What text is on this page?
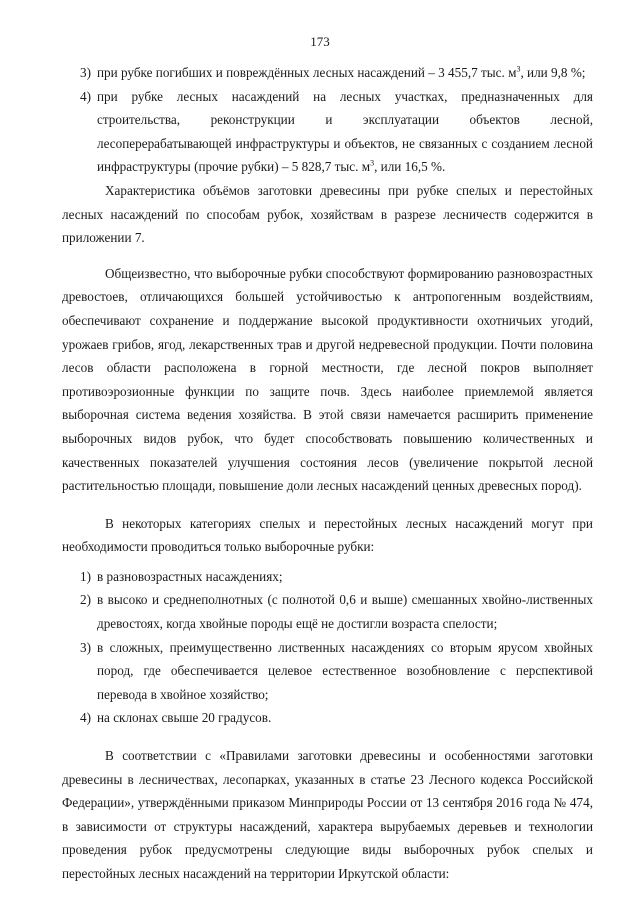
173
3) при рубке погибших и повреждённых лесных насаждений – 3 455,7 тыс. $м^3$, или 9,8 %;
4) при рубке лесных насаждений на лесных участках, предназначенных для строительства, реконструкции и эксплуатации объектов лесной, лесоперерабатывающей инфраструктуры и объектов, не связанных с созданием лесной инфраструктуры (прочие рубки) – 5 828,7 тыс. $м^3$, или 16,5 %.

Характеристика объёмов заготовки древесины при рубке спелых и перестойных лесных насаждений по способам рубок, хозяйствам в разрезе лесничеств содержится в приложении 7.

Общеизвестно, что выборочные рубки способствуют формированию разновозрастных древостоев, отличающихся большей устойчивостью к антропогенным воздействиям, обеспечивают сохранение и поддержание высокой продуктивности охотничьих угодий, урожаев грибов, ягод, лекарственных трав и другой недревесной продукции. Почти половина лесов области расположена в горной местности, где лесной покров выполняет противоэрозионные функции по защите почв. Здесь наиболее приемлемой является выборочная система ведения хозяйства. В этой связи намечается расширить применение выборочных видов рубок, что будет способствовать повышению количественных и качественных показателей улучшения состояния лесов (увеличение покрытой лесной растительностью площади, повышение доли лесных насаждений ценных древесных пород).

В некоторых категориях спелых и перестойных лесных насаждений могут при необходимости проводиться только выборочные рубки:

1) в разновозрастных насаждениях;
2) в высоко и среднеполнотных (с полнотой 0,6 и выше) смешанных хвойно-лиственных древостоях, когда хвойные породы ещё не достигли возраста спелости;
3) в сложных, преимущественно лиственных насаждениях со вторым ярусом хвойных пород, где обеспечивается целевое естественное возобновление с перспективой перевода в хвойное хозяйство;
4) на склонах свыше 20 градусов.

В соответствии с «Правилами заготовки древесины и особенностями заготовки древесины в лесничествах, лесопарках, указанных в статье 23 Лесного кодекса Российской Федерации», утверждёнными приказом Минприроды России от 13 сентября 2016 года № 474, в зависимости от структуры насаждений, характера вырубаемых деревьев и технологии проведения рубок предусмотрены следующие виды выборочных рубок спелых и перестойных лесных насаждений на территории Иркутской области:
